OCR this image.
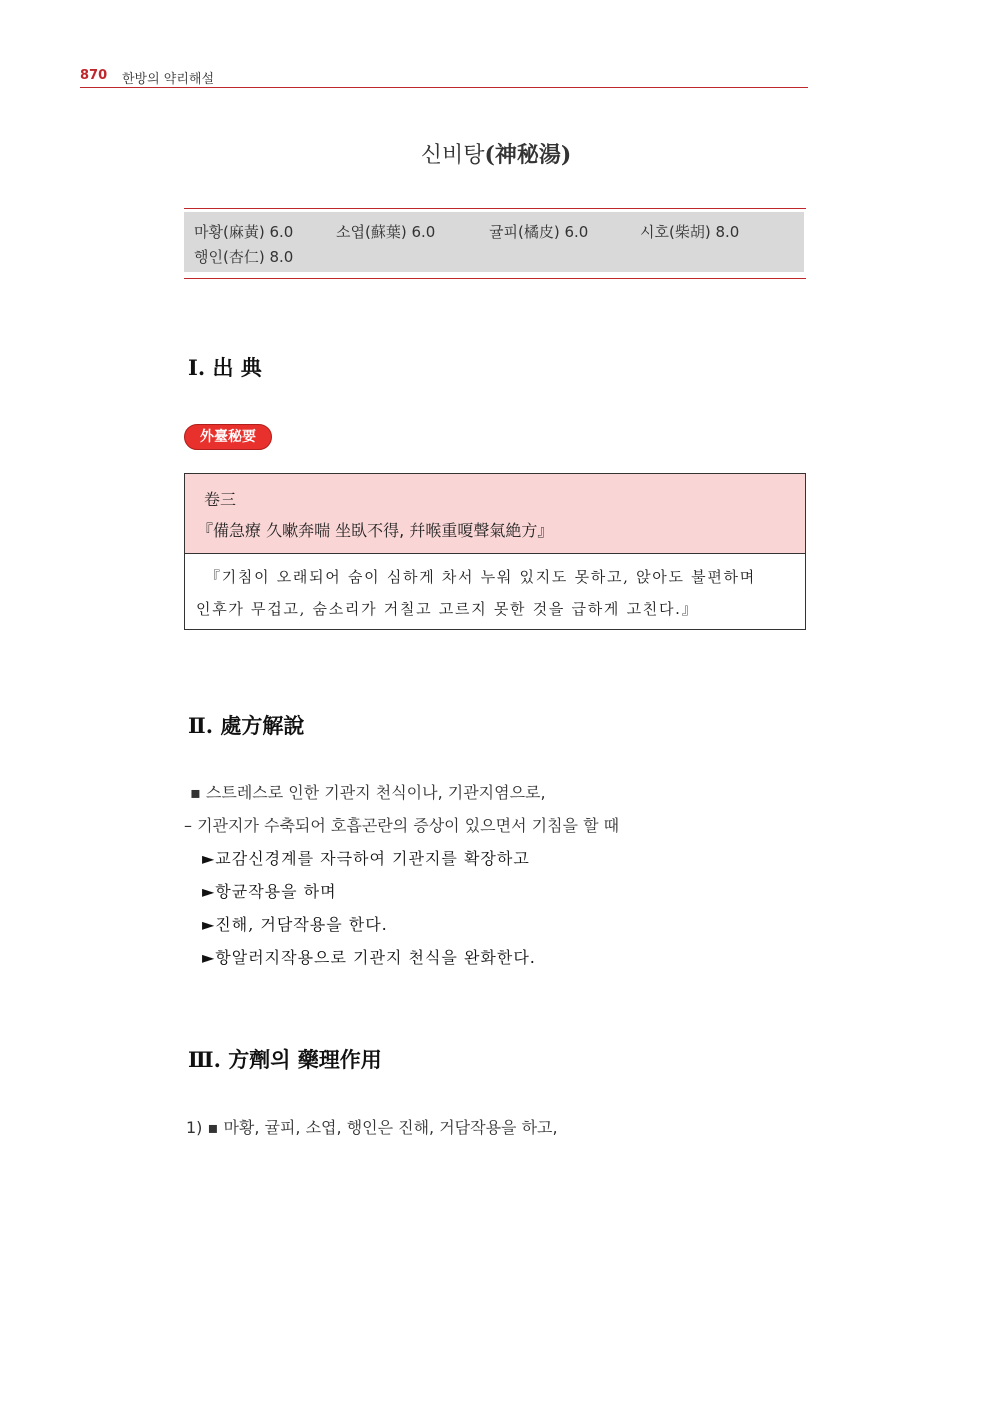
870 한방의 약리해설
신비탕(神秘湯)
마황(麻黃) 6.0	소엽(蘇葉) 6.0	귤피(橘皮) 6.0	시호(柴胡) 8.0
행인(杏仁) 8.0
Ⅰ. 出 典
外臺秘要
卷三
『備急療 久嗽奔喘 坐臥不得, 幷喉重嗄聲氣絶方』
『기침이 오래되어 숨이 심하게 차서 누워 있지도 못하고, 앉아도 불편하며
인후가 무겁고, 숨소리가 거칠고 고르지 못한 것을 급하게 고친다.』
Ⅱ. 處方解說
▪ 스트레스로 인한 기관지 천식이나, 기관지염으로,
– 기관지가 수축되어 호흡곤란의 증상이 있으면서 기침을 할 때
►교감신경계를 자극하여 기관지를 확장하고
►항균작용을 하며
►진해, 거담작용을 한다.
►항알러지작용으로 기관지 천식을 완화한다.
Ⅲ. 方劑의 藥理作用
1) ▪ 마황, 귤피, 소엽, 행인은 진해, 거담작용을 하고,
